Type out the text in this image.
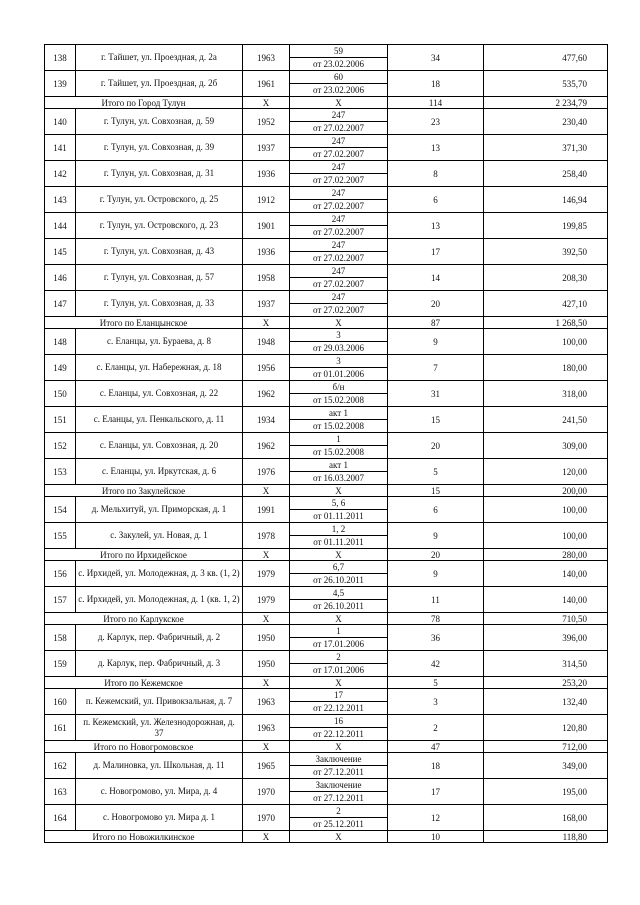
138	г. Тайшет, ул. Проездная, д. 2а	1963	59	34	477,60
			от 23.02.2006		
139	г. Тайшет, ул. Проездная, д. 2б	1961	60	18	535,70
			от 23.02.2006		
Итого по Город Тулун		Х	Х	114	2 234,79
140	г. Тулун, ул. Совхозная, д. 59	1952	247	23	230,40
			от 27.02.2007		
141	г. Тулун, ул. Совхозная, д. 39	1937	247	13	371,30
			от 27.02.2007		
142	г. Тулун, ул. Совхозная, д. 31	1936	247	8	258,40
			от 27.02.2007		
143	г. Тулун, ул. Островского, д. 25	1912	247	6	146,94
			от 27.02.2007		
144	г. Тулун, ул. Островского, д. 23	1901	247	13	199,85
			от 27.02.2007		
145	г. Тулун, ул. Совхозная, д. 43	1936	247	17	392,50
			от 27.02.2007		
146	г. Тулун, ул. Совхозная, д. 57	1958	247	14	208,30
			от 27.02.2007		
147	г. Тулун, ул. Совхозная, д. 33	1937	247	20	427,10
			от 27.02.2007		
Итого по Еланцынское		Х	Х	87	1 268,50
148	с. Еланцы, ул. Бураева, д. 8	1948	3	9	100,00
			от 29.03.2006		
149	с. Еланцы, ул. Набережная, д. 18	1956	3	7	180,00
			от 01.01.2006		
150	с. Еланцы, ул. Совхозная, д. 22	1962	б/н	31	318,00
			от 15.02.2008		
151	с. Еланцы, ул. Пенкальского, д. 11	1934	акт 1	15	241,50
			от 15.02.2008		
152	с. Еланцы, ул. Совхозная, д. 20	1962	1	20	309,00
			от 15.02.2008		
153	с. Еланцы, ул. Иркутская, д. 6	1976	акт 1	5	120,00
			от 16.03.2007		
Итого по Закулейское		Х	Х	15	200,00
154	д. Мельхитуй, ул. Приморская, д. 1	1991	5, 6	6	100,00
			от 01.11.2011		
155	с. Закулей, ул. Новая, д. 1	1978	1, 2	9	100,00
			от 01.11.2011		
Итого по Ирхидейское		Х	Х	20	280,00
156	с. Ирхидей, ул. Молодежная, д. 3 кв. (1, 2)	1979	6,7	9	140,00
			от 26.10.2011		
157	с. Ирхидей, ул. Молодежная, д. 1 (кв. 1, 2)	1979	4,5	11	140,00
			от 26.10.2011		
Итого по Карлукское		Х	Х	78	710,50
158	д. Карлук, пер. Фабричный, д. 2	1950	1	36	396,00
			от 17.01.2006		
159	д. Карлук, пер. Фабричный, д. 3	1950	2	42	314,50
			от 17.01.2006		
Итого по Кежемское		Х	Х	5	253,20
160	п. Кежемский, ул. Привокзальная, д. 7	1963	17	3	132,40
			от 22.12.2011		
161	п. Кежемский, ул. Железнодорожная, д. 37	1963	16	2	120,80
			от 22.12.2011		
Итого по Новогромовское		Х	Х	47	712,00
162	д. Малиновка, ул. Школьная, д. 11	1965	Заключение	18	349,00
			от 27.12.2011		
163	с. Новогромово, ул. Мира, д. 4	1970	Заключение	17	195,00
			от 27.12.2011		
164	с. Новогромово ул. Мира д. 1	1970	2	12	168,00
			от 25.12.2011		
Итого по Новожилкинское		Х	Х	10	118,80
